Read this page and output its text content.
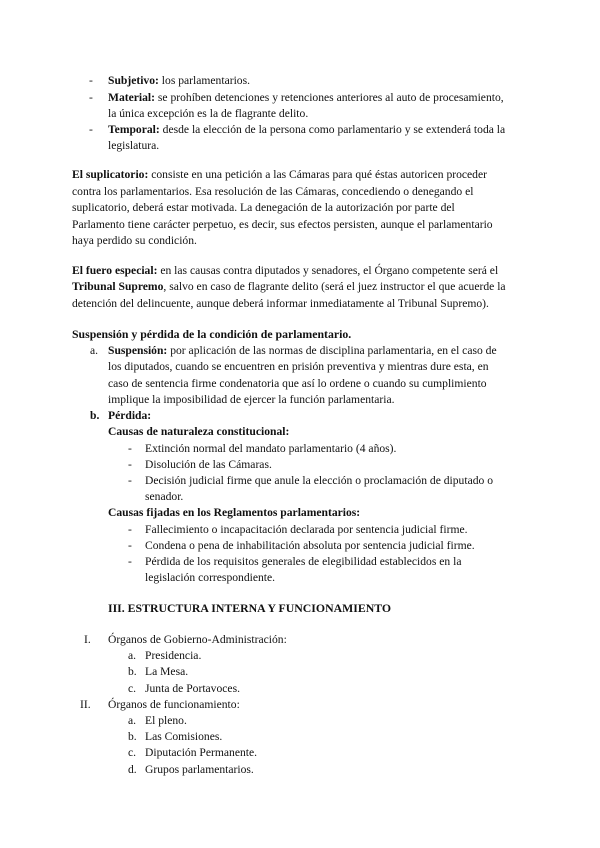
- Subjetivo: los parlamentarios.
- Material: se prohíben detenciones y retenciones anteriores al auto de procesamiento,
la única excepción es la de flagrante delito.
- Temporal: desde la elección de la persona como parlamentario y se extenderá toda la
legislatura.
El suplicatorio: consiste en una petición a las Cámaras para qué éstas autoricen proceder
contra los parlamentarios. Esa resolución de las Cámaras, concediendo o denegando el
suplicatorio, deberá estar motivada. La denegación de la autorización por parte del
Parlamento tiene carácter perpetuo, es decir, sus efectos persisten, aunque el parlamentario
haya perdido su condición.
El fuero especial: en las causas contra diputados y senadores, el Órgano competente será el
Tribunal Supremo, salvo en caso de flagrante delito (será el juez instructor el que acuerde la
detención del delincuente, aunque deberá informar inmediatamente al Tribunal Supremo).
Suspensión y pérdida de la condición de parlamentario.
a. Suspensión: por aplicación de las normas de disciplina parlamentaria, en el caso de
los diputados, cuando se encuentren en prisión preventiva y mientras dure esta, en
caso de sentencia firme condenatoria que así lo ordene o cuando su cumplimiento
implique la imposibilidad de ejercer la función parlamentaria.
b. Pérdida:
Causas de naturaleza constitucional:
- Extinción normal del mandato parlamentario (4 años).
- Disolución de las Cámaras.
- Decisión judicial firme que anule la elección o proclamación de diputado o
senador.
Causas fijadas en los Reglamentos parlamentarios:
- Fallecimiento o incapacitación declarada por sentencia judicial firme.
- Condena o pena de inhabilitación absoluta por sentencia judicial firme.
- Pérdida de los requisitos generales de elegibilidad establecidos en la
legislación correspondiente.
III. ESTRUCTURA INTERNA Y FUNCIONAMIENTO
I. Órganos de Gobierno-Administración:
a. Presidencia.
b. La Mesa.
c. Junta de Portavoces.
II. Órganos de funcionamiento:
a. El pleno.
b. Las Comisiones.
c. Diputación Permanente.
d. Grupos parlamentarios.
